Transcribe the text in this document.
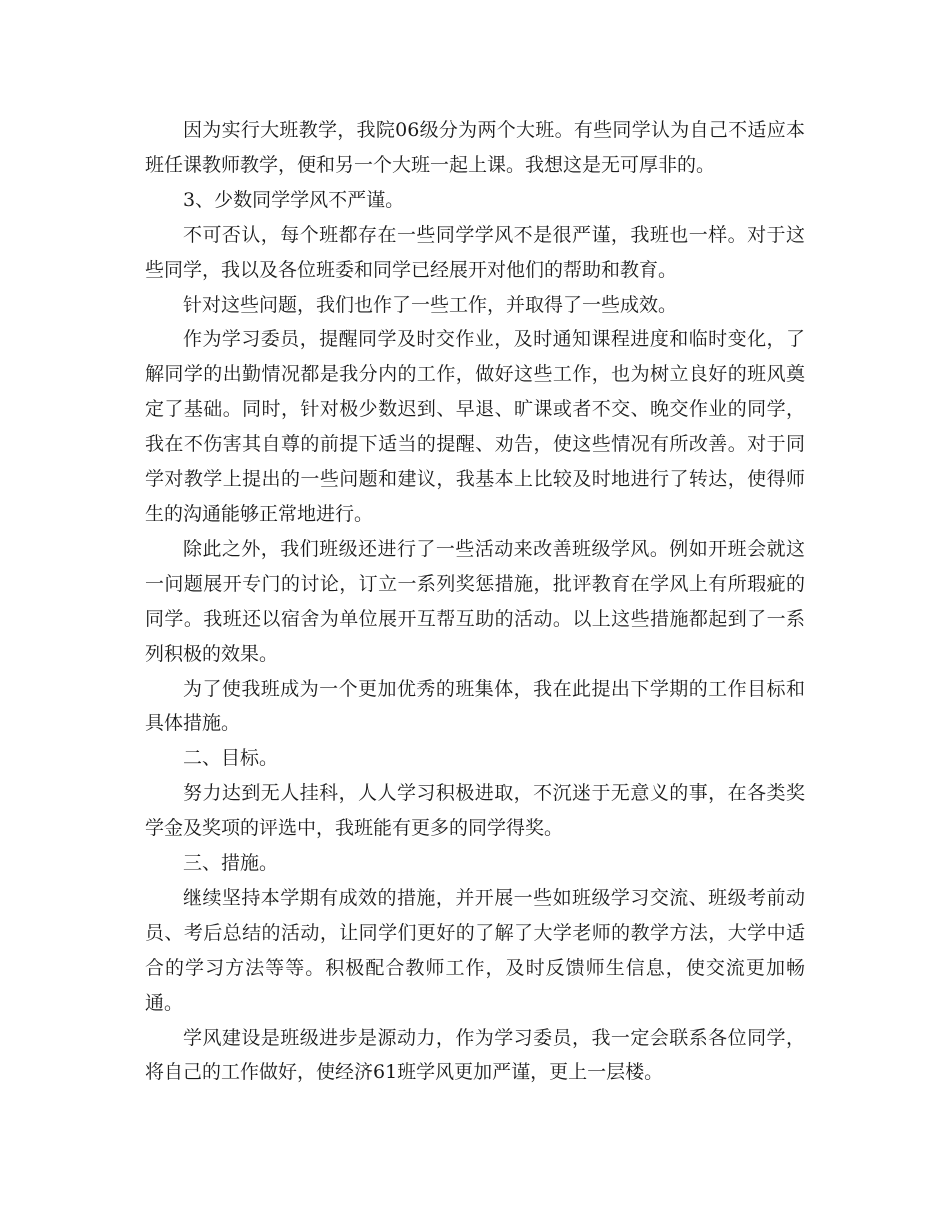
因为实行大班教学，我院06级分为两个大班。有些同学认为自己不适应本班任课教师教学，便和另一个大班一起上课。我想这是无可厚非的。

3、少数同学学风不严谨。

不可否认，每个班都存在一些同学学风不是很严谨，我班也一样。对于这些同学，我以及各位班委和同学已经展开对他们的帮助和教育。

针对这些问题，我们也作了一些工作，并取得了一些成效。

作为学习委员，提醒同学及时交作业，及时通知课程进度和临时变化，了解同学的出勤情况都是我分内的工作，做好这些工作，也为树立良好的班风奠定了基础。同时，针对极少数迟到、早退、旷课或者不交、晚交作业的同学，我在不伤害其自尊的前提下适当的提醒、劝告，使这些情况有所改善。对于同学对教学上提出的一些问题和建议，我基本上比较及时地进行了转达，使得师生的沟通能够正常地进行。

除此之外，我们班级还进行了一些活动来改善班级学风。例如开班会就这一问题展开专门的讨论，订立一系列奖惩措施，批评教育在学风上有所瑕疵的同学。我班还以宿舍为单位展开互帮互助的活动。以上这些措施都起到了一系列积极的效果。

为了使我班成为一个更加优秀的班集体，我在此提出下学期的工作目标和具体措施。

二、目标。

努力达到无人挂科，人人学习积极进取，不沉迷于无意义的事，在各类奖学金及奖项的评选中，我班能有更多的同学得奖。

三、措施。

继续坚持本学期有成效的措施，并开展一些如班级学习交流、班级考前动员、考后总结的活动，让同学们更好的了解了大学老师的教学方法，大学中适合的学习方法等等。积极配合教师工作，及时反馈师生信息，使交流更加畅通。

学风建设是班级进步是源动力，作为学习委员，我一定会联系各位同学，将自己的工作做好，使经济61班学风更加严谨，更上一层楼。
